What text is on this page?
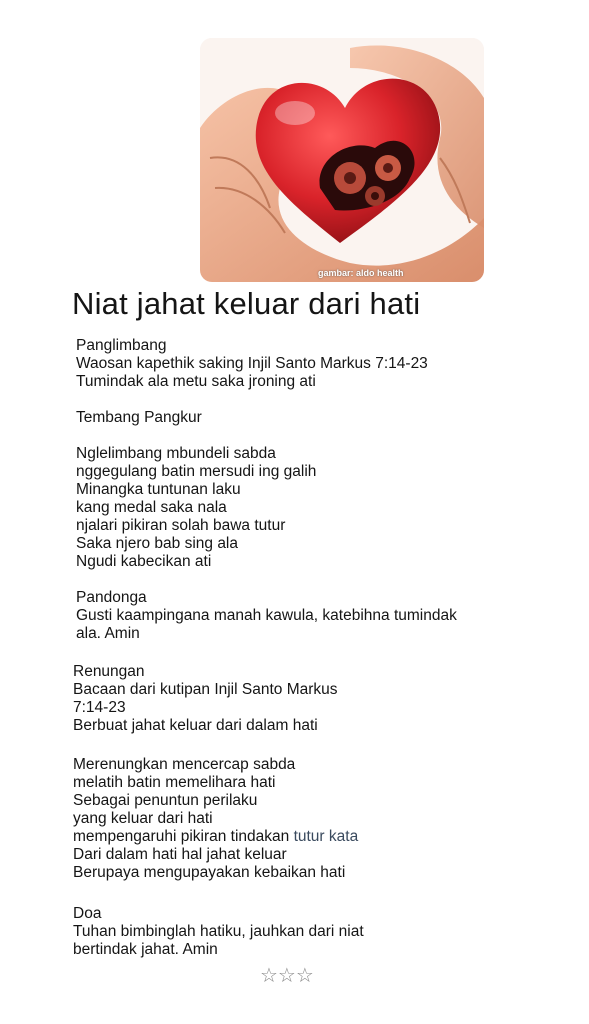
gambar: aldo health
Niat jahat keluar dari hati
Panglimbang
Waosan kapethik saking Injil Santo Markus 7:14-23
Tumindak ala metu saka jroning ati
Tembang Pangkur
Nglelimbang mbundeli sabda
nggegulang batin mersudi ing galih
Minangka tuntunan laku
kang medal saka nala
njalari pikiran solah bawa tutur
Saka njero bab sing ala
Ngudi kabecikan ati
Pandonga
Gusti kaampingana manah kawula, katebihna tumindak
ala. Amin
Renungan
Bacaan dari kutipan Injil Santo Markus
7:14-23
Berbuat jahat keluar dari dalam hati
Merenungkan mencercap sabda
melatih batin memelihara hati
Sebagai penuntun perilaku
yang keluar dari hati
mempengaruhi pikiran tindakan tutur kata
Dari dalam hati hal jahat keluar
Berupaya mengupayakan kebaikan hati
Doa
Tuhan bimbinglah hatiku, jauhkan dari niat
bertindak jahat. Amin
☆☆☆
